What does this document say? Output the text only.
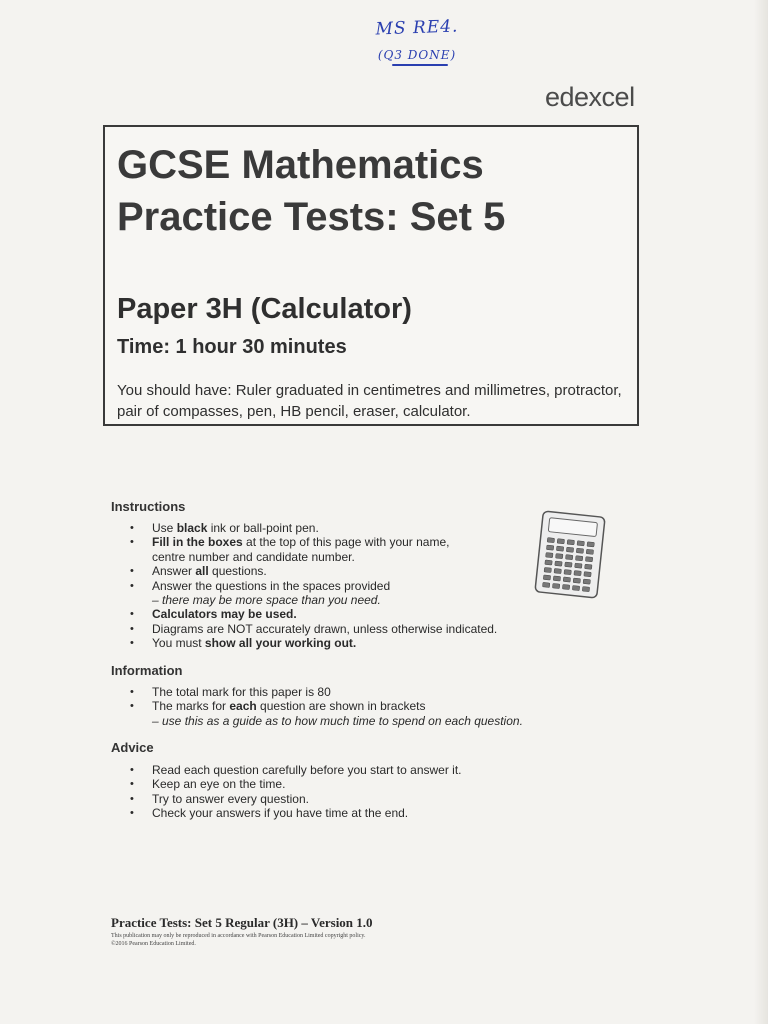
MS RE4.
(Q3 DONE)
edexcel
GCSE Mathematics
Practice Tests: Set 5
Paper 3H (Calculator)

Time: 1 hour 30 minutes

You should have: Ruler graduated in centimetres and millimetres, protractor, pair of compasses, pen, HB pencil, eraser, calculator.

Instructions
• Use black ink or ball-point pen.
• Fill in the boxes at the top of this page with your name,
centre number and candidate number.
• Answer all questions.
• Answer the questions in the spaces provided
– there may be more space than you need.
• Calculators may be used.
• Diagrams are NOT accurately drawn, unless otherwise indicated.
• You must show all your working out.
Information
• The total mark for this paper is 80
• The marks for each question are shown in brackets
– use this as a guide as to how much time to spend on each question.
Advice
• Read each question carefully before you start to answer it.
• Keep an eye on the time.
• Try to answer every question.
• Check your answers if you have time at the end.

Practice Tests: Set 5 Regular (3H) – Version 1.0

This publication may only be reproduced in accordance with Pearson Education Limited copyright policy.

©2016 Pearson Education Limited.
